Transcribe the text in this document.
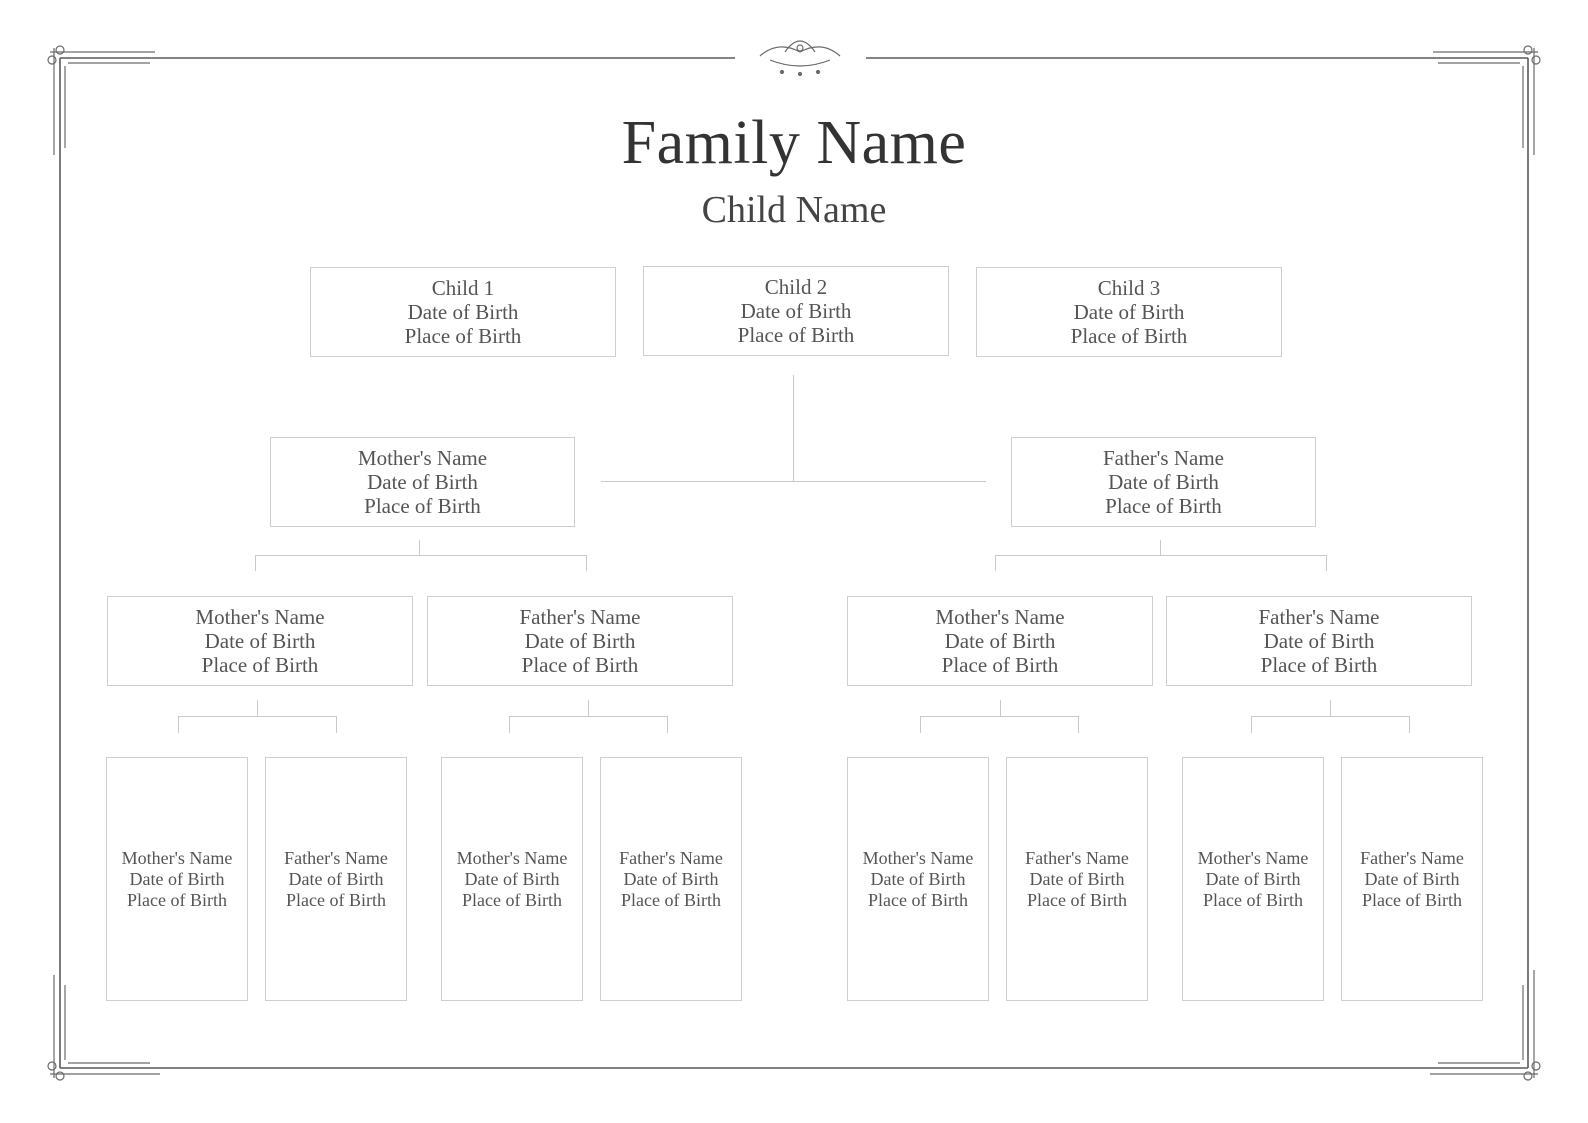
Family Name
Child Name
Child 1
Date of Birth
Place of Birth
Child 2
Date of Birth
Place of Birth
Child 3
Date of Birth
Place of Birth
Mother's Name
Date of Birth
Place of Birth
Father's Name
Date of Birth
Place of Birth
Mother's Name
Date of Birth
Place of Birth
Father's Name
Date of Birth
Place of Birth
Mother's Name
Date of Birth
Place of Birth
Father's Name
Date of Birth
Place of Birth
Mother's Name
Date of Birth
Place of Birth
Father's Name
Date of Birth
Place of Birth
Mother's Name
Date of Birth
Place of Birth
Father's Name
Date of Birth
Place of Birth
Mother's Name
Date of Birth
Place of Birth
Father's Name
Date of Birth
Place of Birth
Mother's Name
Date of Birth
Place of Birth
Father's Name
Date of Birth
Place of Birth
